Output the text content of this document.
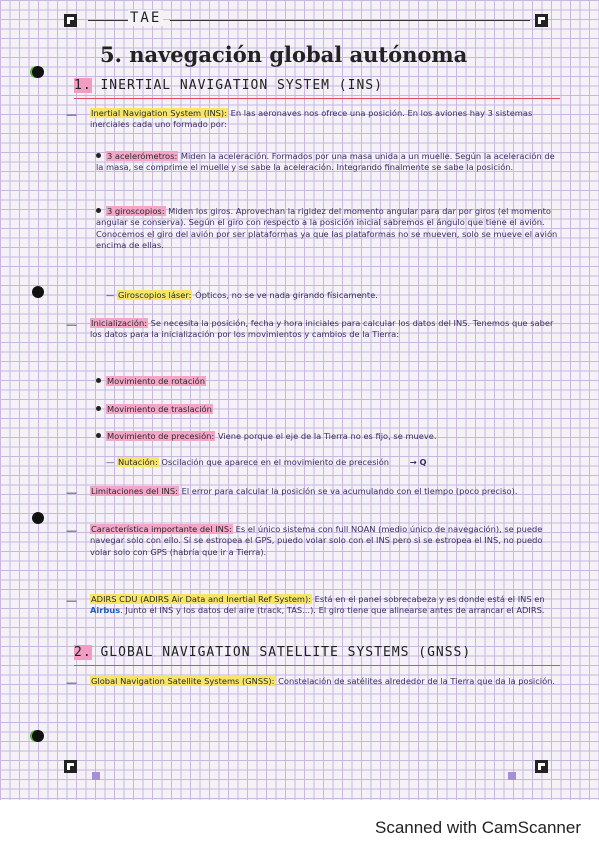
TAE
5. navegación global autónoma
1. INERTIAL NAVIGATION SYSTEM (INS)
— Inertial Navigation System (INS): En las aeronaves nos ofrece una posición. En los aviones hay 3 sistemas inerciales cada uno formado por:
3 acelerómetros: Miden la aceleración. Formados por una masa unida a un muelle. Según la aceleración de la masa, se comprime el muelle y se sabe la aceleración. Integrando finalmente se sabe la posición.
3 giroscopios: Miden los giros. Aprovechan la rigidez del momento angular para dar por giros (el momento angular se conserva). Según el giro con respecto a la posición inicial sabremos el ángulo que tiene el avión. Conocemos el giro del avión por ser plataformas ya que las plataformas no se mueven, solo se mueve el avión encima de ellas.
— Giroscopios láser: Ópticos, no se ve nada girando físicamente.
— Inicialización: Se necesita la posición, fecha y hora iniciales para calcular los datos del INS. Tenemos que saber los datos para la inicialización por los movimientos y cambios de la Tierra:
Movimiento de rotación
Movimiento de traslación
Movimiento de precesión: Viene porque el eje de la Tierra no es fijo, se mueve.
— Nutación: Oscilación que aparece en el movimiento de precesión → Q
— Limitaciones del INS: El error para calcular la posición se va acumulando con el tiempo (poco preciso).
— Característica importante del INS: Es el único sistema con full NOAN (medio único de navegación), se puede navegar solo con ello. Si se estropea el GPS, puedo volar solo con el INS pero si se estropea el INS, no puedo volar solo con GPS (habría que ir a Tierra).
— ADIRS CDU (ADIRS Air Data and Inertial Ref System): Está en el panel sobrecabeza y es donde está el INS en Airbus. Junto el INS y los datos del aire (track, TAS...). El giro tiene que alinearse antes de arrancar el ADIRS.
2. GLOBAL NAVIGATION SATELLITE SYSTEMS (GNSS)
— Global Navigation Satellite Systems (GNSS): Constelación de satélites alrededor de la Tierra que da la posición.
Scanned with CamScanner
